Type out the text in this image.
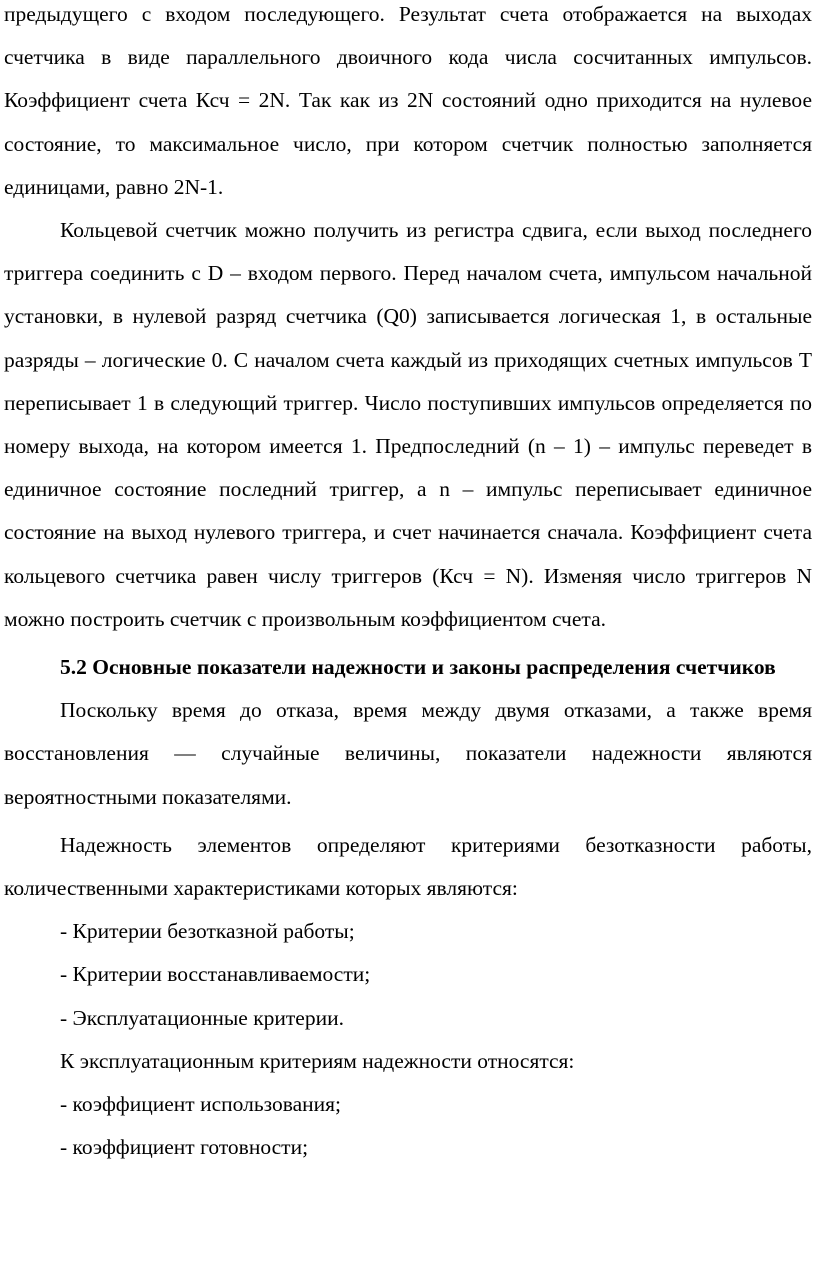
предыдущего с входом последующего. Результат счета отображается на выходах счетчика в виде параллельного двоичного кода числа сосчитанных импульсов. Коэффициент счета Ксч = 2N. Так как из 2N состояний одно приходится на нулевое состояние, то максимальное число, при котором счетчик полностью заполняется единицами, равно 2N-1.

Кольцевой счетчик можно получить из регистра сдвига, если выход последнего триггера соединить с D – входом первого. Перед началом счета, импульсом начальной установки, в нулевой разряд счетчика (Q0) записывается логическая 1, в остальные разряды – логические 0. С началом счета каждый из приходящих счетных импульсов T переписывает 1 в следующий триггер. Число поступивших импульсов определяется по номеру выхода, на котором имеется 1. Предпоследний (n – 1) – импульс переведет в единичное состояние последний триггер, а n – импульс переписывает единичное состояние на выход нулевого триггера, и счет начинается сначала. Коэффициент счета кольцевого счетчика равен числу триггеров (Ксч = N). Изменяя число триггеров N можно построить счетчик с произвольным коэффициентом счета.

5.2 Основные показатели надежности и законы распределения счетчиков

Поскольку время до отказа, время между двумя отказами, а также время восстановления — случайные величины, показатели надежности являются вероятностными показателями.

Надежность элементов определяют критериями безотказности работы, количественными характеристиками которых являются:

- Критерии безотказной работы;

- Критерии восстанавливаемости;

- Эксплуатационные критерии.

К эксплуатационным критериям надежности относятся:

- коэффициент использования;

- коэффициент готовности;
